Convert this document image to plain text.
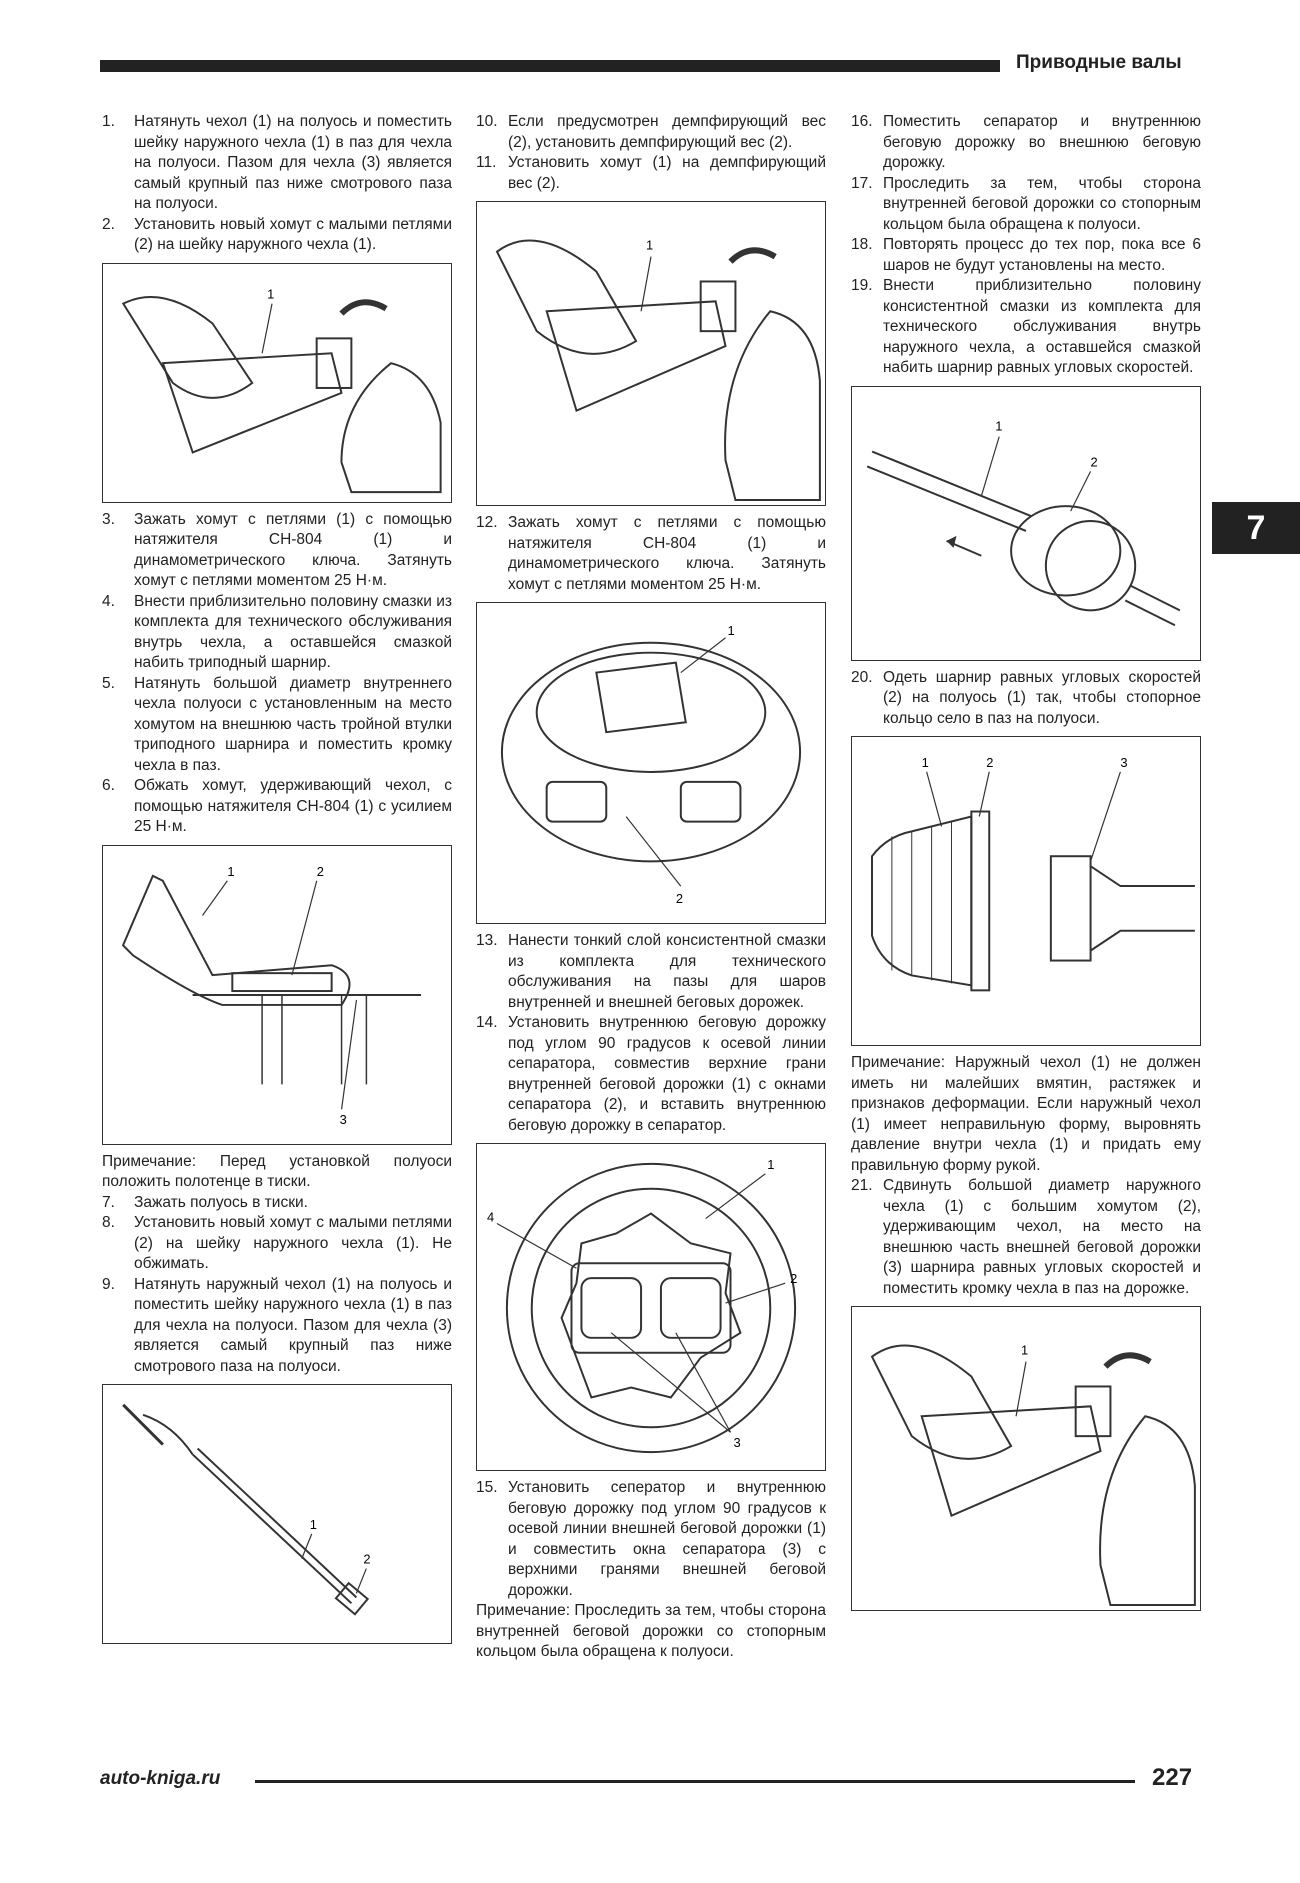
Приводные валы
7
auto-kniga.ru	227
1.	Натянуть чехол (1) на полуось и поместить шейку наружного чехла (1) в паз для чехла на полуоси. Пазом для чехла (3) является самый крупный паз ниже смотрового паза на полуоси.
2.	Установить новый хомут с малыми петлями (2) на шейку наружного чехла (1).
1
3.	Зажать хомут с петлями (1) с помощью натяжителя CH-804 (1) и динамометрического ключа. Затянуть хомут с петлями моментом 25 Н·м.
4.	Внести приблизительно половину смазки из комплекта для технического обслуживания внутрь чехла, а оставшейся смазкой набить триподный шарнир.
5.	Натянуть большой диаметр внутреннего чехла полуоси с установленным на место хомутом на внешнюю часть тройной втулки триподного шарнира и поместить кромку чехла в паз.
6.	Обжать хомут, удерживающий чехол, с помощью натяжителя CH-804 (1) с усилием 25 Н·м.
1	2
3
Примечание: Перед установкой полуоси положить полотенце в тиски.
7.	Зажать полуось в тиски.
8.	Установить новый хомут с малыми петлями (2) на шейку наружного чехла (1). Не обжимать.
9.	Натянуть наружный чехол (1) на полуось и поместить шейку наружного чехла (1) в паз для чехла на полуоси. Пазом для чехла (3) является самый крупный паз ниже смотрового паза на полуоси.
1
2
10. Если предусмотрен демпфирующий вес (2), установить демпфирующий вес (2).
11. Установить хомут (1) на демпфирующий вес (2).
1
12. Зажать хомут с петлями с помощью натяжителя CH-804 (1) и динамометрического ключа. Затянуть хомут с петлями моментом 25 Н·м.
1
2
13. Нанести тонкий слой консистентной смазки из комплекта для технического обслуживания на пазы для шаров внутренней и внешней беговых дорожек.
14. Установить внутреннюю беговую дорожку под углом 90 градусов к осевой линии сепаратора, совместив верхние грани внутренней беговой дорожки (1) с окнами сепаратора (2), и вставить внутреннюю беговую дорожку в сепаратор.
1
2
3
4
15. Установить сеператор и внутреннюю беговую дорожку под углом 90 градусов к осевой линии внешней беговой дорожки (1) и совместить окна сепаратора (3) с верхними гранями внешней беговой дорожки.
Примечание: Проследить за тем, чтобы сторона внутренней беговой дорожки со стопорным кольцом была обращена к полуоси.
16. Поместить сепаратор и внутреннюю беговую дорожку во внешнюю беговую дорожку.
17. Проследить за тем, чтобы сторона внутренней беговой дорожки со стопорным кольцом была обращена к полуоси.
18. Повторять процесс до тех пор, пока все 6 шаров не будут установлены на место.
19. Внести приблизительно половину консистентной смазки из комплекта для технического обслуживания внутрь наружного чехла, а оставшейся смазкой набить шарнир равных угловых скоростей.
1
2
20. Одеть шарнир равных угловых скоростей (2) на полуось (1) так, чтобы стопорное кольцо село в паз на полуоси.
1	2	3
Примечание: Наружный чехол (1) не должен иметь ни малейших вмятин, растяжек и признаков деформации. Если наружный чехол (1) имеет неправильную форму, выровнять давление внутри чехла (1) и придать ему правильную форму рукой.
21. Сдвинуть большой диаметр наружного чехла (1) с большим хомутом (2), удерживающим чехол, на место на внешнюю часть внешней беговой дорожки (3) шарнира равных угловых скоростей и поместить кромку чехла в паз на дорожке.
1
